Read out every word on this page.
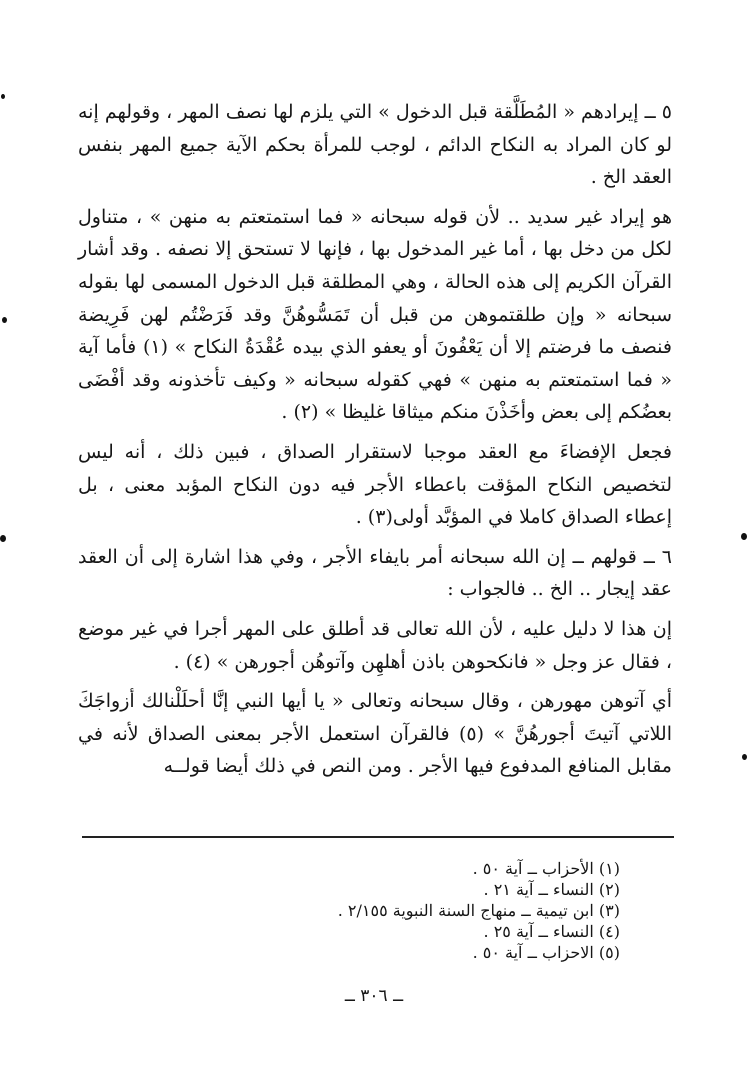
٥ ــ إيرادهم « المُطَلَّقة قبل الدخول » التي يلزم لها نصف المهر ، وقولهم إنه لو كان المراد به النكاح الدائم ، لوجب للمرأة بحكم الآية جميع المهر بنفس العقد الخ .

هو إيراد غير سديد .. لأن قوله سبحانه « فما استمتعتم به منهن » ، متناول لكل من دخل بها ، أما غير المدخول بها ، فإنها لا تستحق إلا نصفه . وقد أشار القرآن الكريم إلى هذه الحالة ، وهي المطلقة قبل الدخول المسمى لها بقوله سبحانه « وإن طلقتموهن من قبل أن تَمَسُّوهُنَّ وقد فَرَضْتُم لهن فَرِيضة فنصف ما فرضتم إلا أن يَعْفُونَ أو يعفو الذي بيده عُقْدَةُ النكاح » (١) فأما آية « فما استمتعتم به منهن » فهي كقوله سبحانه « وكيف تأخذونه وقد أفْضَى بعضُكم إلى بعض وأخَذْنَ منكم ميثاقا غليظا » (٢) .

فجعل الإفضاءَ مع العقد موجبا لاستقرار الصداق ، فبين ذلك ، أنه ليس لتخصيص النكاح المؤقت باعطاء الأجر فيه دون النكاح المؤبد معنى ، بل إعطاء الصداق كاملا في المؤبَّد أولى(٣) .

٦ ــ قولهم ــ إن الله سبحانه أمر بايفاء الأجر ، وفي هذا اشارة إلى أن العقد عقد إيجار .. الخ .. فالجواب :

إن هذا لا دليل عليه ، لأن الله تعالى قد أطلق على المهر أجرا في غير موضع ، فقال عز وجل « فانكحوهن باذن أهلهِن وآتوهُن أجورهن » (٤) .

أي آتوهن مهورهن ، وقال سبحانه وتعالى « يا أيها النبي إنَّا أحلَلْنالك أزواجَكَ اللاتي آتيتَ أجورهُنَّ » (٥) فالقرآن استعمل الأجر بمعنى الصداق لأنه في مقابل المنافع المدفوع فيها الأجر . ومن النص في ذلك أيضا قولــه

(١) الأحزاب ــ آية ٥٠ .
(٢) النساء ــ آية ٢١ .
(٣) ابن تيمية ــ منهاج السنة النبوية ٢/١٥٥ .
(٤) النساء ــ آية ٢٥ .
(٥) الاحزاب ــ آية ٥٠ .
ــ ٣٠٦ ــ
